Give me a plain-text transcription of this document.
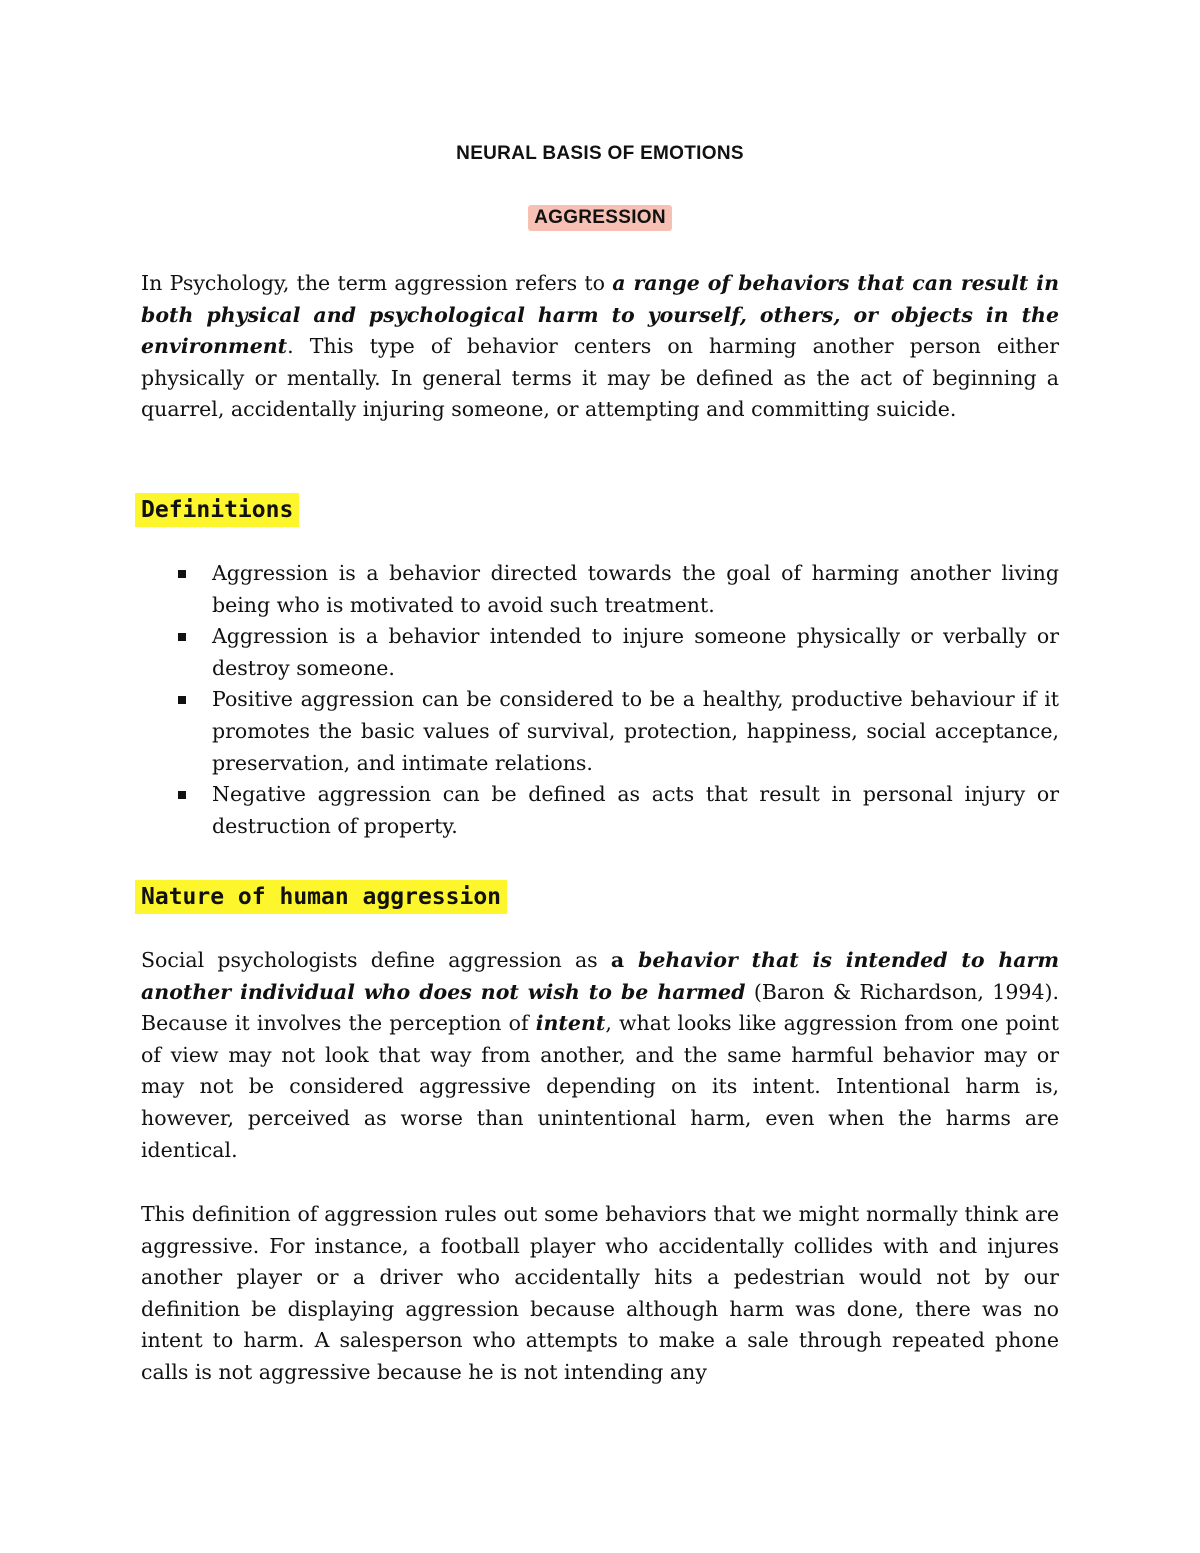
NEURAL BASIS OF EMOTIONS
AGGRESSION

In Psychology, the term aggression refers to a range of behaviors that can result in both physical and psychological harm to yourself, others, or objects in the environment. This type of behavior centers on harming another person either physically or mentally. In general terms it may be defined as the act of beginning a quarrel, accidentally injuring someone, or attempting and committing suicide.

Definitions
Aggression is a behavior directed towards the goal of harming another living being who is motivated to avoid such treatment.
Aggression is a behavior intended to injure someone physically or verbally or destroy someone.
Positive aggression can be considered to be a healthy, productive behaviour if it promotes the basic values of survival, protection, happiness, social acceptance, preservation, and intimate relations.
Negative aggression can be defined as acts that result in personal injury or destruction of property.
Nature of human aggression

Social psychologists define aggression as a behavior that is intended to harm another individual who does not wish to be harmed (Baron & Richardson, 1994). Because it involves the perception of intent, what looks like aggression from one point of view may not look that way from another, and the same harmful behavior may or may not be considered aggressive depending on its intent. Intentional harm is, however, perceived as worse than unintentional harm, even when the harms are identical.

This definition of aggression rules out some behaviors that we might normally think are aggressive. For instance, a football player who accidentally collides with and injures another player or a driver who accidentally hits a pedestrian would not by our definition be displaying aggression because although harm was done, there was no intent to harm. A salesperson who attempts to make a sale through repeated phone calls is not aggressive because he is not intending any
